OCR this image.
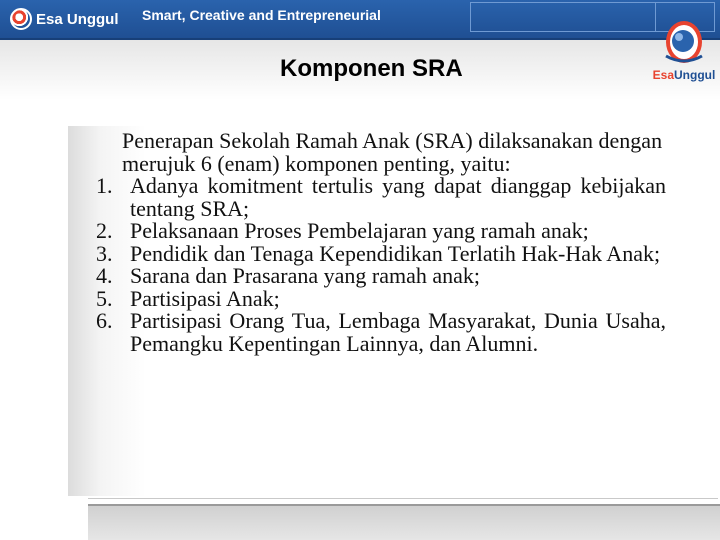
Esa Unggul Smart, Creative and Entrepreneurial
Komponen SRA	EsaUnggul
Penerapan Sekolah Ramah Anak (SRA) dilaksanakan dengan merujuk 6 (enam) komponen penting, yaitu:
1. Adanya komitment tertulis yang dapat dianggap kebijakan tentang SRA;
2. Pelaksanaan Proses Pembelajaran yang ramah anak;
3. Pendidik dan Tenaga Kependidikan Terlatih Hak-Hak Anak;
4. Sarana dan Prasarana yang ramah anak;
5. Partisipasi Anak;
6. Partisipasi Orang Tua, Lembaga Masyarakat, Dunia Usaha, Pemangku Kepentingan Lainnya, dan Alumni.
